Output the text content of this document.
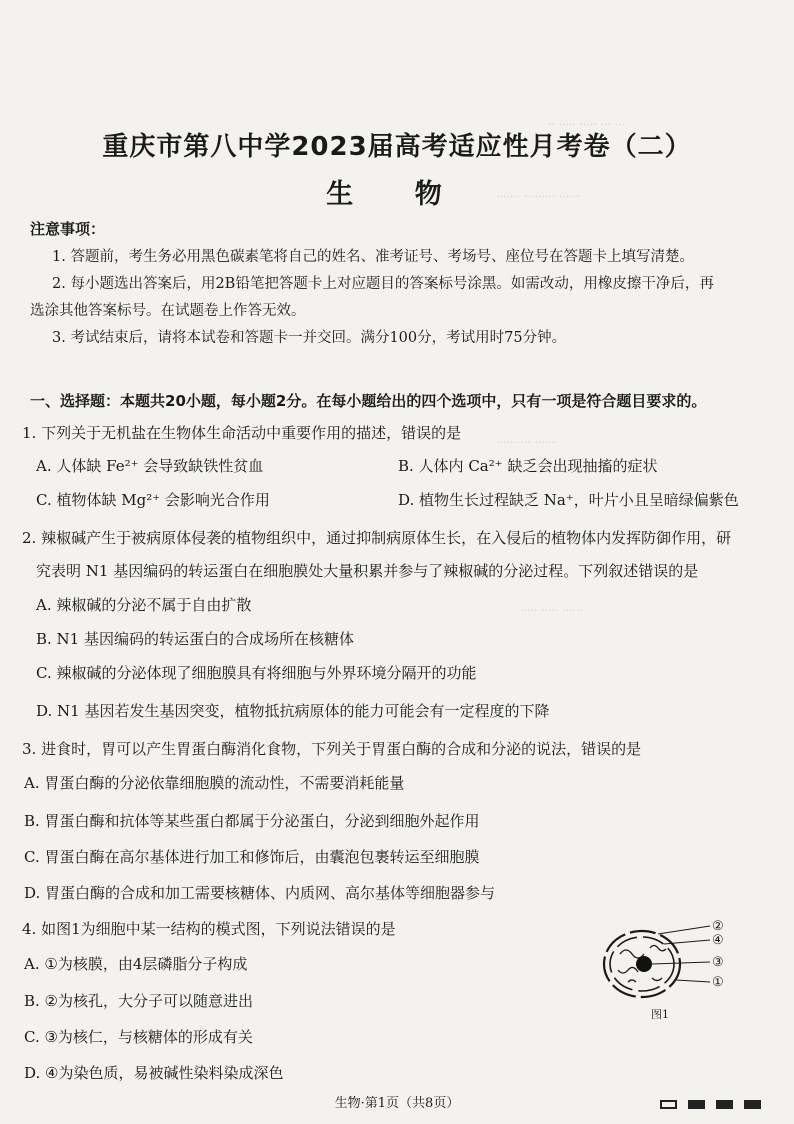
·· ····· ····· ··· ···
······· ········· ······
·········· ······
····· ····· ······
重庆市第八中学2023届高考适应性月考卷（二）
生 物
注意事项：
1. 答题前，考生务必用黑色碳素笔将自己的姓名、准考证号、考场号、座位号在答题卡上填写清楚。
2. 每小题选出答案后，用2B铅笔把答题卡上对应题目的答案标号涂黑。如需改动，用橡皮擦干净后，再
选涂其他答案标号。在试题卷上作答无效。
3. 考试结束后，请将本试卷和答题卡一并交回。满分100分，考试用时75分钟。
一、选择题：本题共20小题，每小题2分。在每小题给出的四个选项中，只有一项是符合题目要求的。
1. 下列关于无机盐在生物体生命活动中重要作用的描述，错误的是
A. 人体缺 Fe²⁺ 会导致缺铁性贫血	B. 人体内 Ca²⁺ 缺乏会出现抽搐的症状
C. 植物体缺 Mg²⁺ 会影响光合作用	D. 植物生长过程缺乏 Na⁺，叶片小且呈暗绿偏紫色
2. 辣椒碱产生于被病原体侵袭的植物组织中，通过抑制病原体生长，在入侵后的植物体内发挥防御作用，研
究表明 N1 基因编码的转运蛋白在细胞膜处大量积累并参与了辣椒碱的分泌过程。下列叙述错误的是
A. 辣椒碱的分泌不属于自由扩散
B. N1 基因编码的转运蛋白的合成场所在核糖体
C. 辣椒碱的分泌体现了细胞膜具有将细胞与外界环境分隔开的功能
D. N1 基因若发生基因突变，植物抵抗病原体的能力可能会有一定程度的下降
3. 进食时，胃可以产生胃蛋白酶消化食物，下列关于胃蛋白酶的合成和分泌的说法，错误的是
A. 胃蛋白酶的分泌依靠细胞膜的流动性，不需要消耗能量
B. 胃蛋白酶和抗体等某些蛋白都属于分泌蛋白，分泌到细胞外起作用
C. 胃蛋白酶在高尔基体进行加工和修饰后，由囊泡包裹转运至细胞膜
D. 胃蛋白酶的合成和加工需要核糖体、内质网、高尔基体等细胞器参与
4. 如图1为细胞中某一结构的模式图，下列说法错误的是
A. ①为核膜，由4层磷脂分子构成
B. ②为核孔，大分子可以随意进出
C. ③为核仁，与核糖体的形成有关
D. ④为染色质，易被碱性染料染成深色
②
④
③
①
图1
生物·第1页（共8页）
